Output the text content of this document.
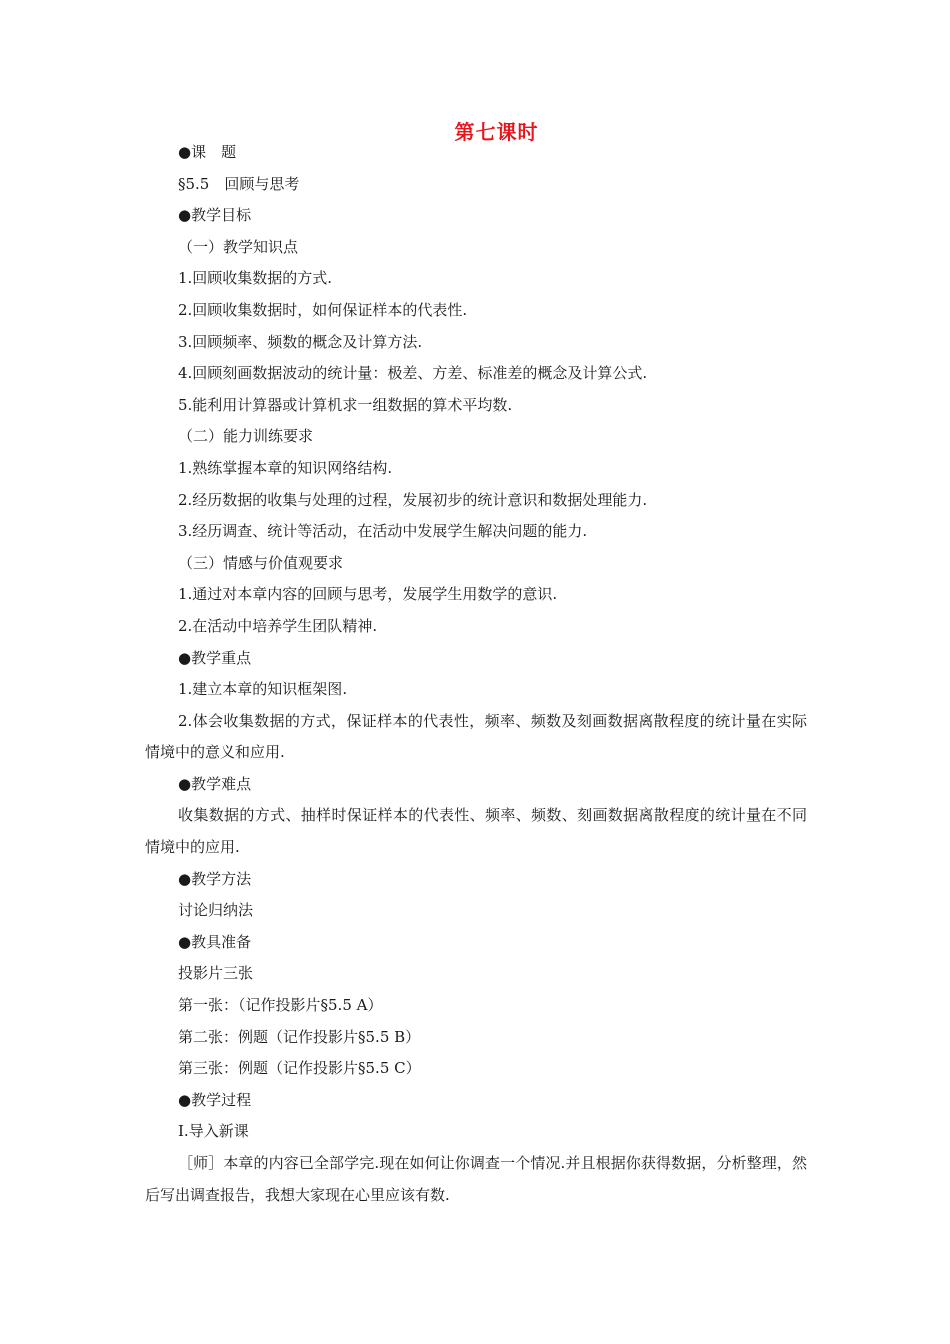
第七课时
●课　题
§5.5　回顾与思考
●教学目标
（一）教学知识点
1.回顾收集数据的方式.
2.回顾收集数据时，如何保证样本的代表性.
3.回顾频率、频数的概念及计算方法.
4.回顾刻画数据波动的统计量：极差、方差、标准差的概念及计算公式.
5.能利用计算器或计算机求一组数据的算术平均数.
（二）能力训练要求
1.熟练掌握本章的知识网络结构.
2.经历数据的收集与处理的过程，发展初步的统计意识和数据处理能力.
3.经历调查、统计等活动，在活动中发展学生解决问题的能力.
（三）情感与价值观要求
1.通过对本章内容的回顾与思考，发展学生用数学的意识.
2.在活动中培养学生团队精神.
●教学重点
1.建立本章的知识框架图.
2.体会收集数据的方式，保证样本的代表性，频率、频数及刻画数据离散程度的统计量在实际情境中的意义和应用.
●教学难点
收集数据的方式、抽样时保证样本的代表性、频率、频数、刻画数据离散程度的统计量在不同情境中的应用.
●教学方法
讨论归纳法
●教具准备
投影片三张
第一张：（记作投影片§5.5 A）
第二张：例题（记作投影片§5.5 B）
第三张：例题（记作投影片§5.5 C）
●教学过程
Ⅰ.导入新课
［师］本章的内容已全部学完.现在如何让你调查一个情况.并且根据你获得数据，分析整理，然后写出调查报告，我想大家现在心里应该有数.
